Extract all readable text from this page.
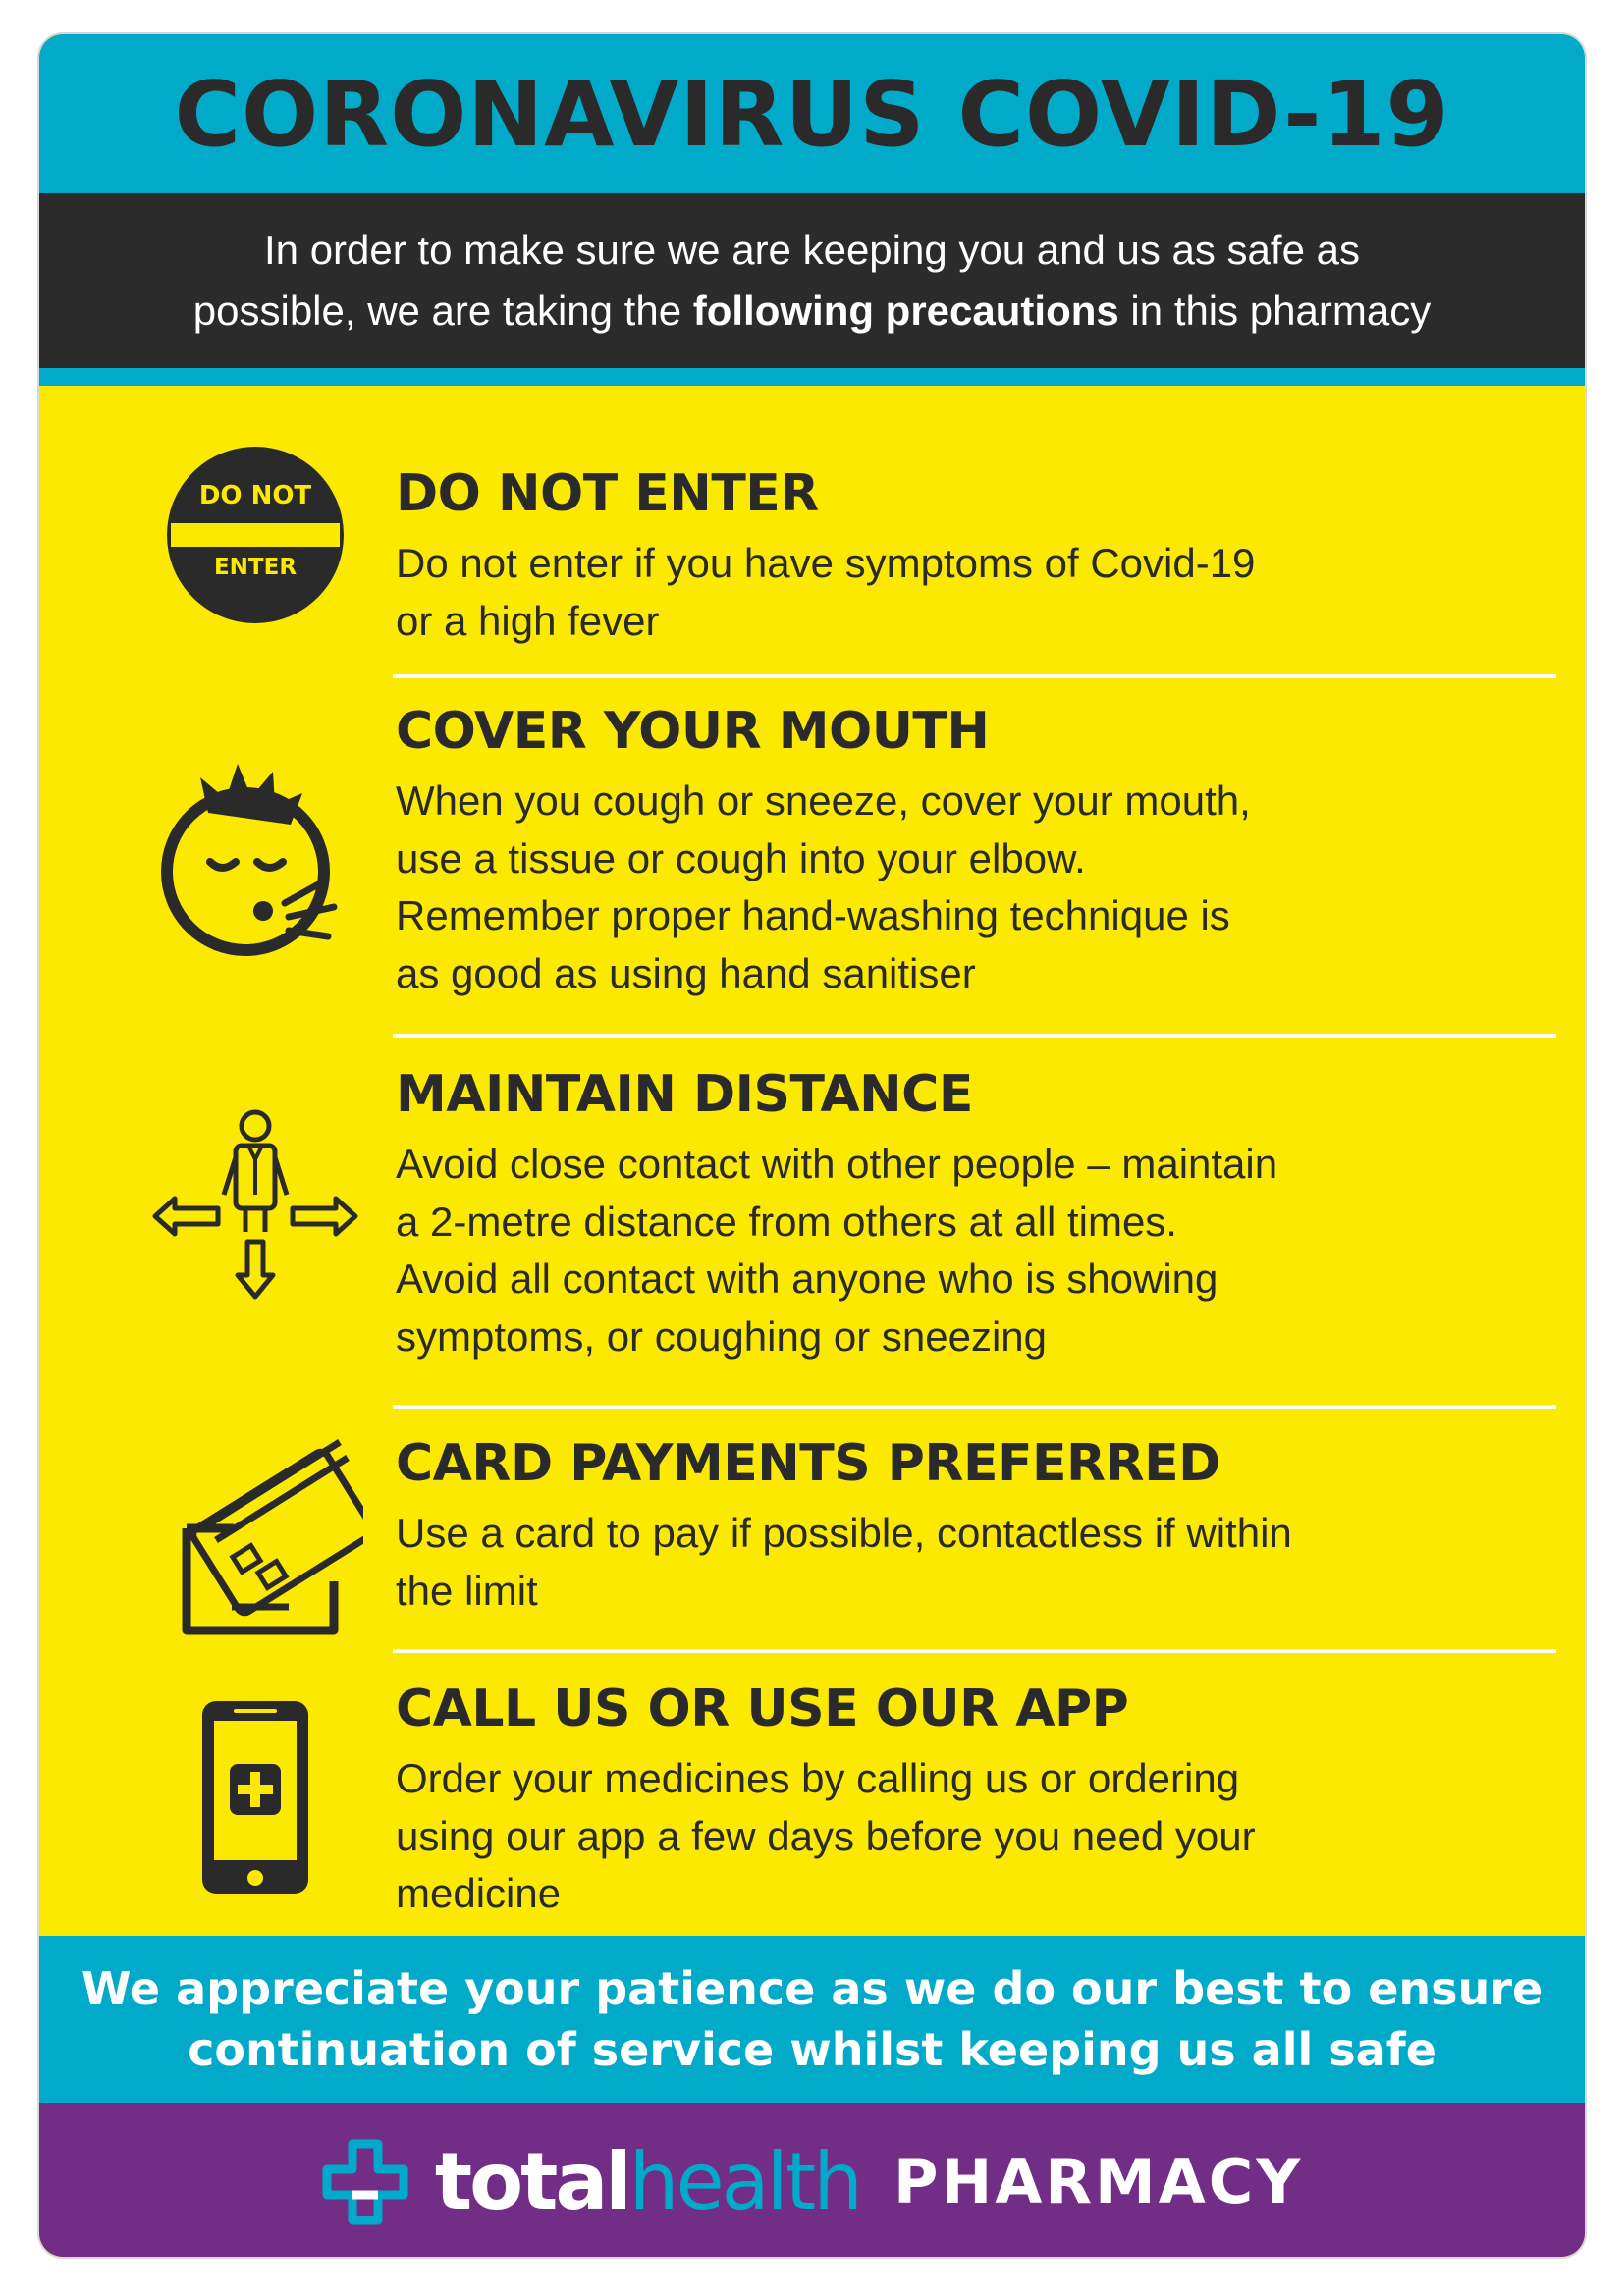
CORONAVIRUS COVID-19

In order to make sure we are keeping you and us as safe as
possible, we are taking the following precautions in this pharmacy

DO NOT
ENTER
DO NOT ENTER

Do not enter if you have symptoms of Covid-19
or a high fever

COVER YOUR MOUTH

When you cough or sneeze, cover your mouth,
use a tissue or cough into your elbow.
Remember proper hand-washing technique is
as good as using hand sanitiser

MAINTAIN DISTANCE

Avoid close contact with other people – maintain
a 2-metre distance from others at all times.
Avoid all contact with anyone who is showing
symptoms, or coughing or sneezing

CARD PAYMENTS PREFERRED

Use a card to pay if possible, contactless if within
the limit

CALL US OR USE OUR APP

Order your medicines by calling us or ordering
using our app a few days before you need your
medicine

We appreciate your patience as we do our best to ensure
continuation of service whilst keeping us all safe

total health PHARMACY
